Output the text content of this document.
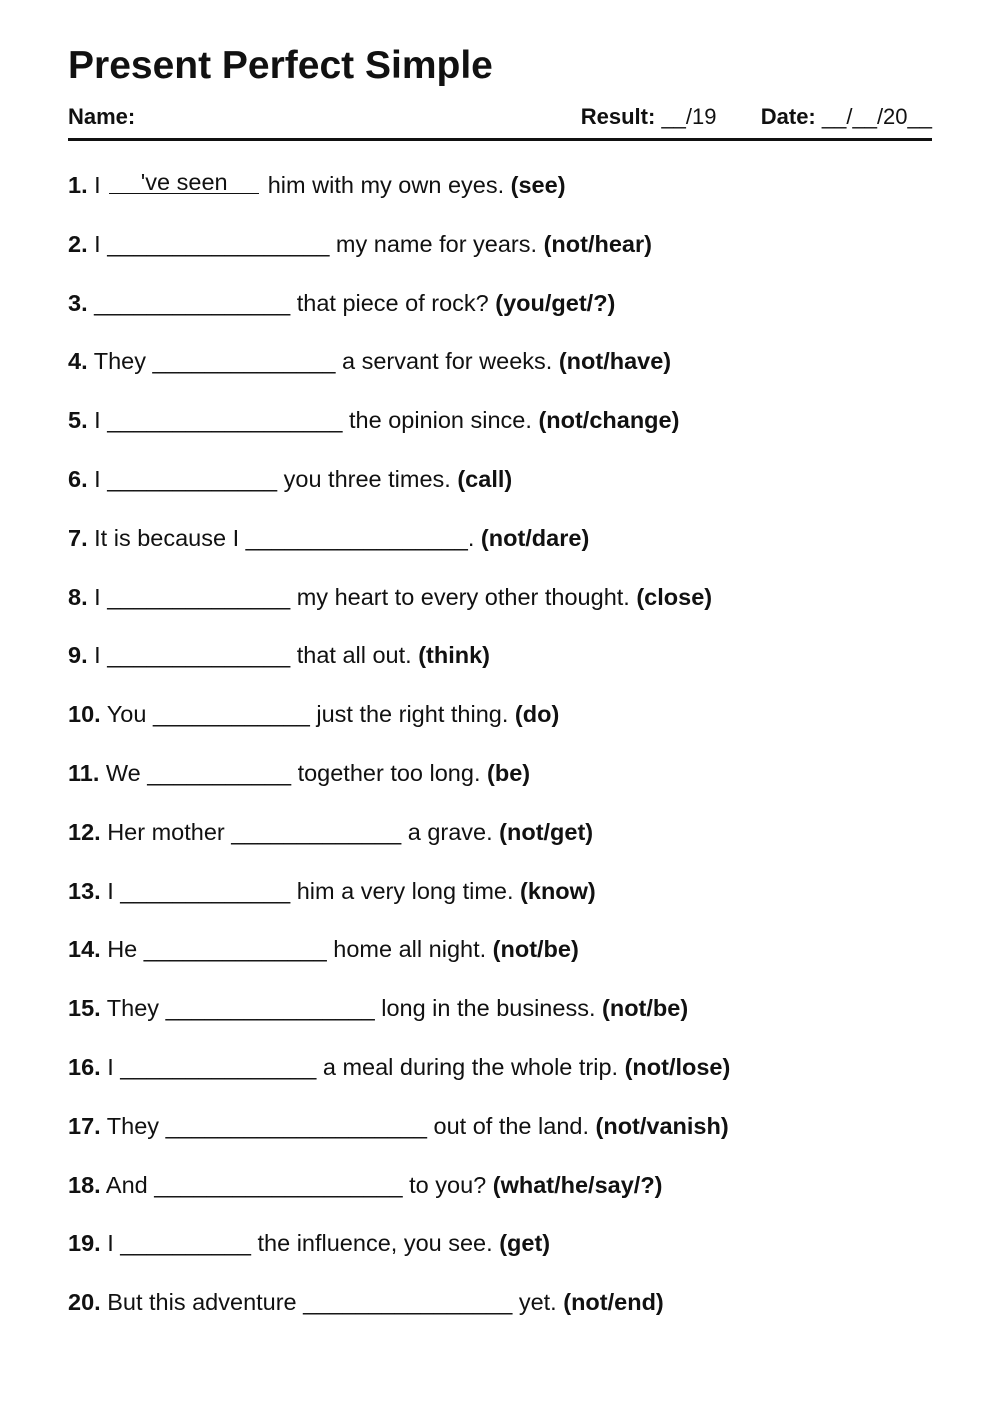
Present Perfect Simple
Name:	Result: __/19 Date: __/__/20__
1. I 've seen him with my own eyes. (see)
2. I _________________ my name for years. (not/hear)
3. _______________ that piece of rock? (you/get/?)
4. They ______________ a servant for weeks. (not/have)
5. I __________________ the opinion since. (not/change)
6. I _____________ you three times. (call)
7. It is because I _________________. (not/dare)
8. I ______________ my heart to every other thought. (close)
9. I ______________ that all out. (think)
10. You ____________ just the right thing. (do)
11. We ___________ together too long. (be)
12. Her mother _____________ a grave. (not/get)
13. I _____________ him a very long time. (know)
14. He ______________ home all night. (not/be)
15. They ________________ long in the business. (not/be)
16. I _______________ a meal during the whole trip. (not/lose)
17. They ____________________ out of the land. (not/vanish)
18. And ___________________ to you? (what/he/say/?)
19. I __________ the influence, you see. (get)
20. But this adventure ________________ yet. (not/end)
